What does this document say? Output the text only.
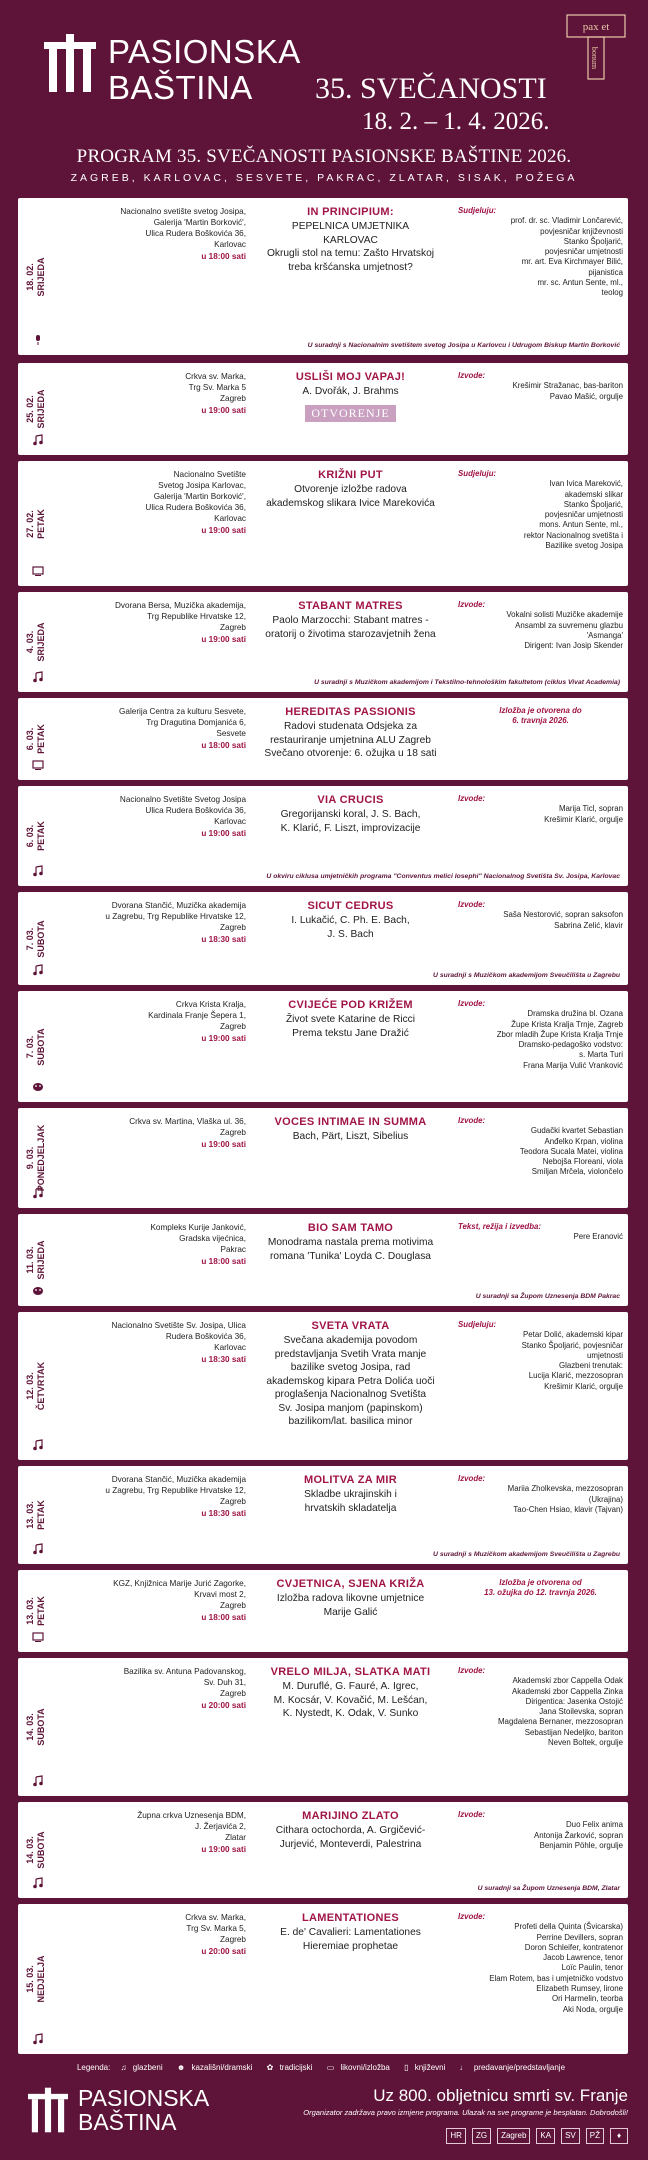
PASIONSKA
BAŠTINA	35. SVEČANOSTI
18. 2. – 1. 4. 2026.
pax et
bonum
PROGRAM 35. SVEČANOSTI PASIONSKE BAŠTINE 2026.
ZAGREB, KARLOVAC, SESVETE, PAKRAC, ZLATAR, SISAK, POŽEGA
18. 02. SRIJEDA
Nacionalno svetište svetog Josipa,
Galerija 'Martin Borković',
Ulica Rudera Boškovića 36,
Karlovac
u 18:00 sati
IN PRINCIPIUM:
PEPELNICA UMJETNIKA
KARLOVAC
Okrugli stol na temu: Zašto Hrvatskoj
treba kršćanska umjetnost?
Sudjeluju:
prof. dr. sc. Vladimir Lončarević,
povjesničar književnosti
Stanko Špoljarić,
povjesničar umjetnosti
mr. art. Eva Kirchmayer Bilić,
pijanistica
mr. sc. Antun Sente, ml.,
teolog
U suradnji s Nacionalnim svetištem svetog Josipa u Karlovcu i Udrugom Biskup Martin Borković
25. 02. SRIJEDA
Crkva sv. Marka,
Trg Sv. Marka 5
Zagreb
u 19:00 sati
USLIŠI MOJ VAPAJ!
A. Dvořák, J. Brahms
OTVORENJE
Izvode:
Krešimir Stražanac, bas-bariton
Pavao Mašić, orgulje
27. 02. PETAK
Nacionalno Svetište
Svetog Josipa Karlovac,
Galerija 'Martin Borković',
Ulica Rudera Boškovića 36,
Karlovac
u 19:00 sati
KRIŽNI PUT
Otvorenje izložbe radova
akademskog slikara Ivice Marekovića
Sudjeluju:
Ivan Ivica Mareković,
akademski slikar
Stanko Špoljarić,
povjesničar umjetnosti
mons. Antun Sente, ml.,
rektor Nacionalnog svetišta i
Bazilike svetog Josipa
4. 03. SRIJEDA
Dvorana Bersa, Muzička akademija,
Trg Republike Hrvatske 12,
Zagreb
u 19:00 sati
STABANT MATRES
Paolo Marzocchi: Stabant matres -
oratorij o životima starozavjetnih žena
Izvode:
Vokalni solisti Muzičke akademije
Ansambl za suvremenu glazbu
'Asmanga'
Dirigent: Ivan Josip Skender
U suradnji s Muzičkom akademijom i Tekstilno-tehnološkim fakultetom (ciklus Vivat Academia)
6. 03. PETAK
Galerija Centra za kulturu Sesvete,
Trg Dragutina Domjanića 6,
Sesvete
u 18:00 sati
HEREDITAS PASSIONIS
Radovi studenata Odsjeka za
restauriranje umjetnina ALU Zagreb
Svečano otvorenje: 6. ožujka u 18 sati
Izložba je otvorena do
6. travnja 2026.
6. 03. PETAK
Nacionalno Svetište Svetog Josipa
Ulica Rudera Boškovića 36,
Karlovac
u 19:00 sati
VIA CRUCIS
Gregorijanski koral, J. S. Bach,
K. Klarić, F. Liszt, improvizacije
Izvode:
Marija Ticl, sopran
Krešimir Klarić, orgulje
U okviru ciklusa umjetničkih programa "Conventus melici Iosephi" Nacionalnog Svetišta Sv. Josipa, Karlovac
7. 03. SUBOTA
Dvorana Stančić, Muzička akademija
u Zagrebu, Trg Republike Hrvatske 12,
Zagreb
u 18:30 sati
SICUT CEDRUS
I. Lukačić, C. Ph. E. Bach,
J. S. Bach
Izvode:
Saša Nestorović, sopran saksofon
Sabrina Zelić, klavir
U suradnji s Muzičkom akademijom Sveučilišta u Zagrebu
7. 03. SUBOTA
Crkva Krista Kralja,
Kardinala Franje Šepera 1,
Zagreb
u 19:00 sati
CVIJEĆE POD KRIŽEM
Život svete Katarine de Ricci
Prema tekstu Jane Dražić
Izvode:
Dramska družina bl. Ozana
Župe Krista Kralja Trnje, Zagreb
Zbor mladih Župe Krista Kralja Trnje
Dramsko-pedagoško vodstvo:
s. Marta Turi
Frana Marija Vulić Vranković
9. 03. PONEDJELJAK
Crkva sv. Martina, Vlaška ul. 36,
Zagreb
u 19:00 sati
VOCES INTIMAE IN SUMMA
Bach, Pärt, Liszt, Sibelius
Izvode:
Gudački kvartet Sebastian
Anđelko Krpan, violina
Teodora Sucala Matei, violina
Nebojša Floreani, viola
Smiljan Mrčela, violončelo
11. 03. SRIJEDA
Kompleks Kurije Janković,
Gradska vijećnica,
Pakrac
u 18:00 sati
BIO SAM TAMO
Monodrama nastala prema motivima
romana 'Tunika' Loyda C. Douglasa
Tekst, režija i izvedba:
Pere Eranović
U suradnji sa Župom Uznesenja BDM Pakrac
12. 03. ČETVRTAK
Nacionalno Svetište Sv. Josipa, Ulica
Rudera Boškovića 36,
Karlovac
u 18:30 sati
SVETA VRATA
Svečana akademija povodom
predstavljanja Svetih Vrata manje
bazilike svetog Josipa, rad
akademskog kipara Petra Dolića uoči
proglašenja Nacionalnog Svetišta
Sv. Josipa manjom (papinskom)
bazilikom/lat. basilica minor
Sudjeluju:
Petar Dolić, akademski kipar
Stanko Špoljarić, povjesničar
umjetnosti
Glazbeni trenutak:
Lucija Klarić, mezzosopran
Krešimir Klarić, orgulje
13. 03. PETAK
Dvorana Stančić, Muzička akademija
u Zagrebu, Trg Republike Hrvatske 12,
Zagreb
u 18:30 sati
MOLITVA ZA MIR
Skladbe ukrajinskih i
hrvatskih skladatelja
Izvode:
Mariia Zholkevska, mezzosopran
(Ukrajina)
Tao-Chen Hsiao, klavir (Tajvan)
U suradnji s Muzičkom akademijom Sveučilišta u Zagrebu
13. 03. PETAK
KGZ, Knjižnica Marije Jurić Zagorke,
Krvavi most 2,
Zagreb
u 18:00 sati
CVJETNICA, SJENA KRIŽA
Izložba radova likovne umjetnice
Marije Galić
Izložba je otvorena od
13. ožujka do 12. travnja 2026.
14. 03. SUBOTA
Bazilika sv. Antuna Padovanskog,
Sv. Duh 31,
Zagreb
u 20:00 sati
VRELO MILJA, SLATKA MATI
M. Duruflé, G. Fauré, A. Igrec,
M. Kocsár, V. Kovačić, M. Lešćan,
K. Nystedt, K. Odak, V. Sunko
Izvode:
Akademski zbor Cappella Odak
Akademski zbor Cappella Zinka
Dirigentica: Jasenka Ostojić
Jana Stoilevska, sopran
Magdalena Bernaner, mezzosopran
Sebastijan Nedeljko, bariton
Neven Boltek, orgulje
14. 03. SUBOTA
Župna crkva Uznesenja BDM,
J. Žerjavića 2,
Zlatar
u 19:00 sati
MARIJINO ZLATO
Cithara octochorda, A. Grgičević-
Jurjević, Monteverdi, Palestrina
Izvode:
Duo Felix anima
Antonija Žarković, sopran
Benjamin Pöhle, orgulje
U suradnji sa Župom Uznesenja BDM, Zlatar
15. 03. NEDJELJA
Crkva sv. Marka,
Trg Sv. Marka 5,
Zagreb
u 20:00 sati
LAMENTATIONES
E. de' Cavalieri: Lamentationes
Hieremiae prophetae
Izvode:
Profeti della Quinta (Švicarska)
Perrine Devillers, sopran
Doron Schleifer, kontratenor
Jacob Lawrence, tenor
Loïc Paulin, tenor
Elam Rotem, bas i umjetničko vodstvo
Elizabeth Rumsey, lirone
Ori Harmelin, teorba
Aki Noda, orgulje
Legenda: ♫ glazbeni ☻ kazališni/dramski ✿ tradicijski ▭ likovni/izložba ▯ književni ♩ predavanje/predstavljanje
PASIONSKA
BAŠTINA
Uz 800. obljetnicu smrti sv. Franje
Organizator zadržava pravo izmjene programa. Ulazak na sve programe je besplatan. Dobrodošli!
HR	ZG	Zagreb	KA	SV	PŽ	♦
